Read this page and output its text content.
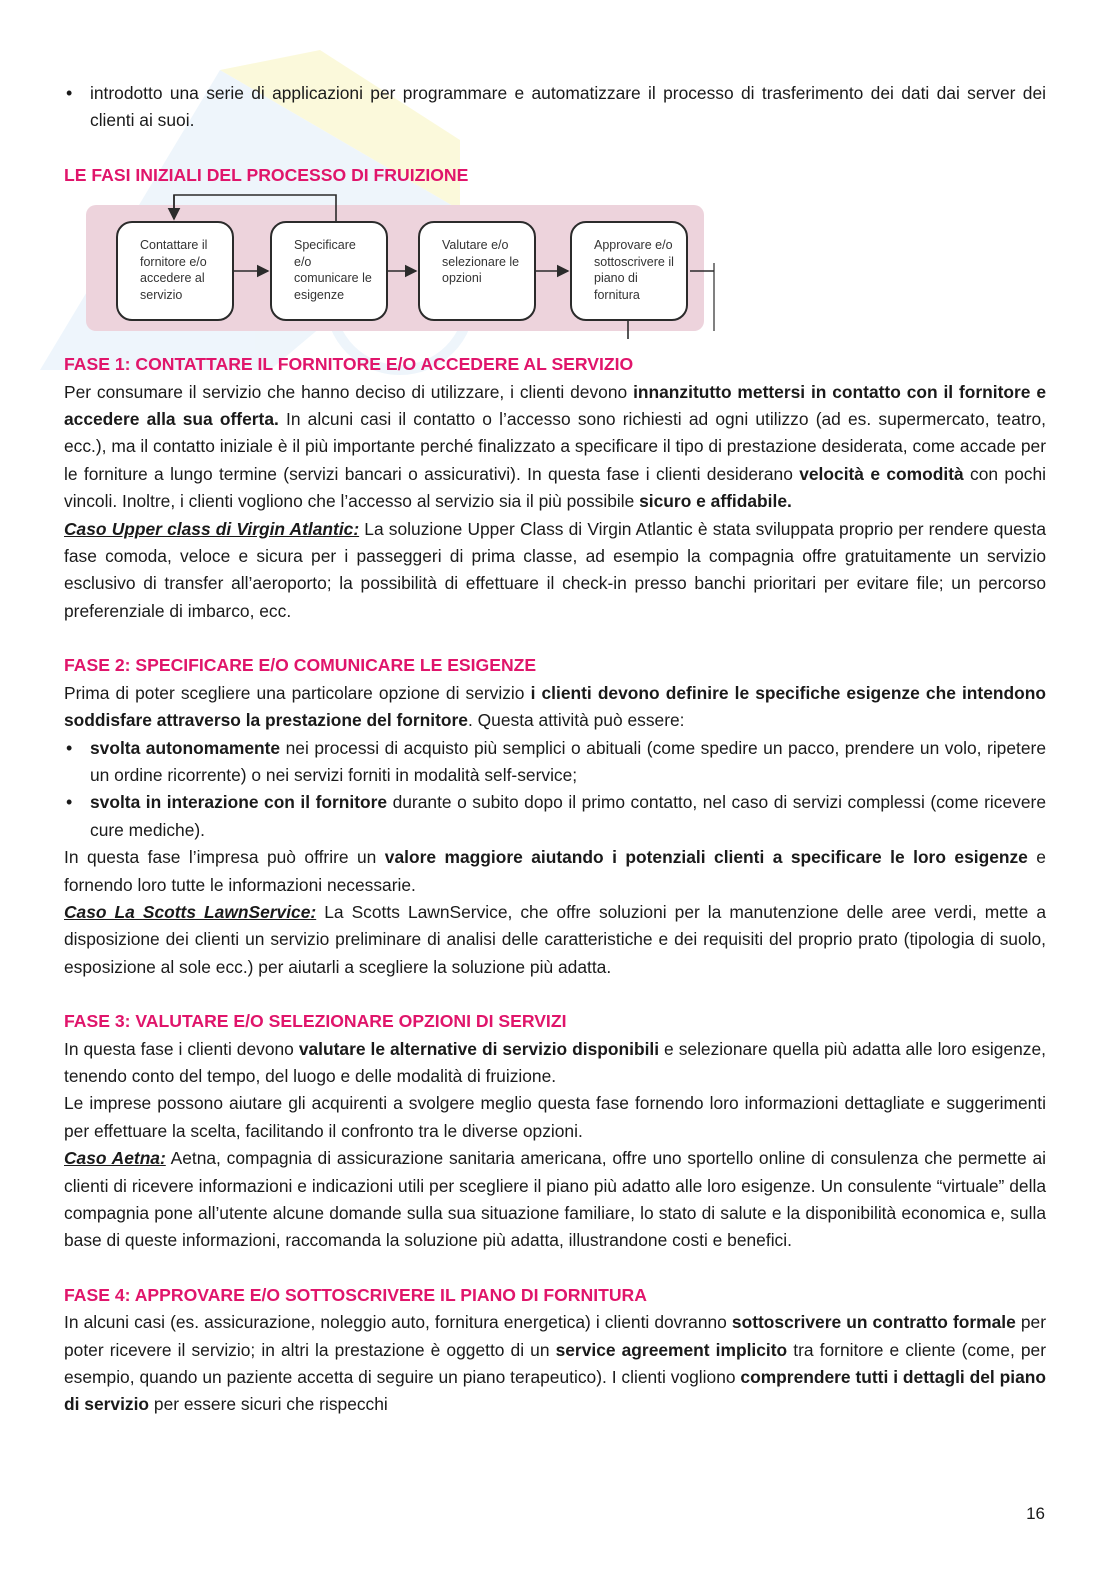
• introdotto una serie di applicazioni per programmare e automatizzare il processo di trasferimento dei dati dai server dei clienti ai suoi.

LE FASI INIZIALI DEL PROCESSO DI FRUIZIONE

Contattare il fornitore e/o accedere al servizio
Specificare e/o comunicare le esigenze
Valutare e/o selezionare le opzioni
Approvare e/o sottoscrivere il piano di fornitura

FASE 1: CONTATTARE IL FORNITORE E/O ACCEDERE AL SERVIZIO

Per consumare il servizio che hanno deciso di utilizzare, i clienti devono innanzitutto mettersi in contatto con il fornitore e accedere alla sua offerta. In alcuni casi il contatto o l’accesso sono richiesti ad ogni utilizzo (ad es. supermercato, teatro, ecc.), ma il contatto iniziale è il più importante perché finalizzato a specificare il tipo di prestazione desiderata, come accade per le forniture a lungo termine (servizi bancari o assicurativi). In questa fase i clienti desiderano velocità e comodità con pochi vincoli. Inoltre, i clienti vogliono che l’accesso al servizio sia il più possibile sicuro e affidabile.

Caso Upper class di Virgin Atlantic: La soluzione Upper Class di Virgin Atlantic è stata sviluppata proprio per rendere questa fase comoda, veloce e sicura per i passeggeri di prima classe, ad esempio la compagnia offre gratuitamente un servizio esclusivo di transfer all’aeroporto; la possibilità di effettuare il check-in presso banchi prioritari per evitare file; un percorso preferenziale di imbarco, ecc.

FASE 2: SPECIFICARE E/O COMUNICARE LE ESIGENZE

Prima di poter scegliere una particolare opzione di servizio i clienti devono definire le specifiche esigenze che intendono soddisfare attraverso la prestazione del fornitore. Questa attività può essere:

• svolta autonomamente nei processi di acquisto più semplici o abituali (come spedire un pacco, prendere un volo, ripetere un ordine ricorrente) o nei servizi forniti in modalità self-service;
• svolta in interazione con il fornitore durante o subito dopo il primo contatto, nel caso di servizi complessi (come ricevere cure mediche).

In questa fase l’impresa può offrire un valore maggiore aiutando i potenziali clienti a specificare le loro esigenze e fornendo loro tutte le informazioni necessarie.

Caso La Scotts LawnService: La Scotts LawnService, che offre soluzioni per la manutenzione delle aree verdi, mette a disposizione dei clienti un servizio preliminare di analisi delle caratteristiche e dei requisiti del proprio prato (tipologia di suolo, esposizione al sole ecc.) per aiutarli a scegliere la soluzione più adatta.

FASE 3: VALUTARE E/O SELEZIONARE OPZIONI DI SERVIZI

In questa fase i clienti devono valutare le alternative di servizio disponibili e selezionare quella più adatta alle loro esigenze, tenendo conto del tempo, del luogo e delle modalità di fruizione.

Le imprese possono aiutare gli acquirenti a svolgere meglio questa fase fornendo loro informazioni dettagliate e suggerimenti per effettuare la scelta, facilitando il confronto tra le diverse opzioni.

Caso Aetna: Aetna, compagnia di assicurazione sanitaria americana, offre uno sportello online di consulenza che permette ai clienti di ricevere informazioni e indicazioni utili per scegliere il piano più adatto alle loro esigenze. Un consulente “virtuale” della compagnia pone all’utente alcune domande sulla sua situazione familiare, lo stato di salute e la disponibilità economica e, sulla base di queste informazioni, raccomanda la soluzione più adatta, illustrandone costi e benefici.

FASE 4: APPROVARE E/O SOTTOSCRIVERE IL PIANO DI FORNITURA

In alcuni casi (es. assicurazione, noleggio auto, fornitura energetica) i clienti dovranno sottoscrivere un contratto formale per poter ricevere il servizio; in altri la prestazione è oggetto di un service agreement implicito tra fornitore e cliente (come, per esempio, quando un paziente accetta di seguire un piano terapeutico). I clienti vogliono comprendere tutti i dettagli del piano di servizio per essere sicuri che rispecchi

16
